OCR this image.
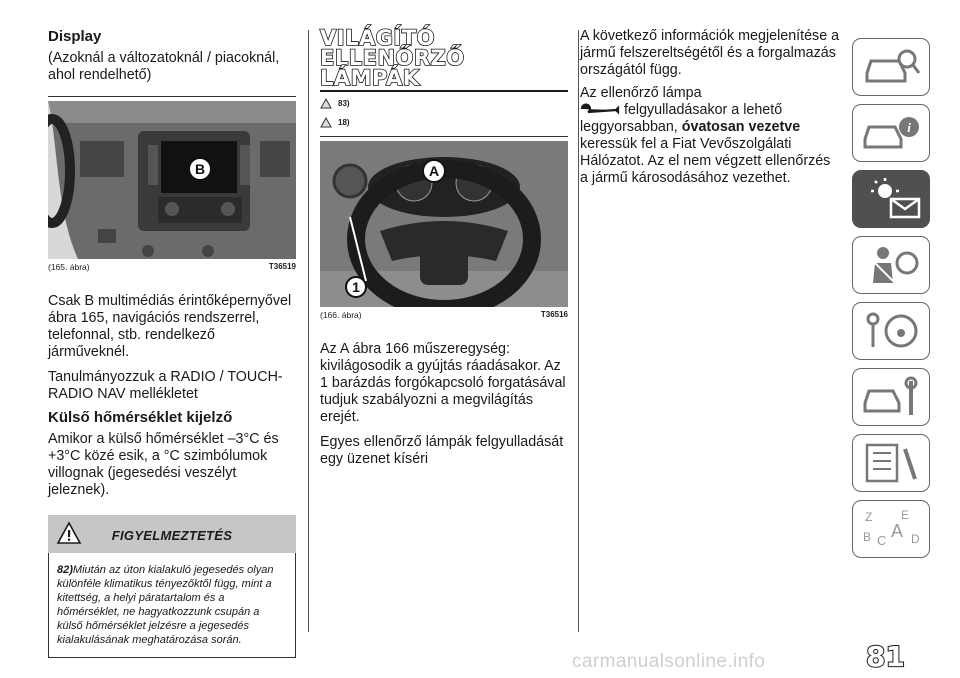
Display

(Azoknál a változatoknál / piacoknál, ahol rendelhető)

B
(165. ábra)	T36519

Csak B multimédiás érintőképernyővel ábra 165, navigációs rendszerrel, telefonnal, stb. rendelkező járműveknél.

Tanulmányozzuk a RADIO / TOUCH-RADIO NAV mellékletet

Külső hőmérséklet kijelző

Amikor a külső hőmérséklet –3°C és +3°C közé esik, a °C szimbólumok villognak (jegesedési veszélyt jeleznek).

FIGYELMEZTETÉS

82)Miután az úton kialakuló jegesedés olyan különféle klimatikus tényezőktől függ, mint a kitettség, a helyi páratartalom és a hőmérséklet, ne hagyatkozzunk csupán a külső hőmérséklet jelzésre a jegesedés kialakulásának meghatározása során.

VILÁGÍTÓ
ELLENŐRZŐ
LÁMPÁK
83)
18)
A
1
(166. ábra)	T36516

Az A ábra 166 műszeregység: kivilágosodik a gyújtás ráadásakor. Az 1 barázdás forgókapcsoló forgatásával tudjuk szabályozni a megvilágítás erejét.

Egyes ellenőrző lámpák felgyulladását egy üzenet kíséri

A következő információk megjelenítése a jármű felszereltségétől és a forgalmazás országától függ.

Az ellenőrző lámpa
felgyulladásakor a lehető leggyorsabban, óvatosan vezetve keressük fel a Fiat Vevőszolgálati Hálózatot. Az el nem végzett ellenőrzés a jármű károsodásához vezethet.

i
Z E
B C A D
81
carmanualsonline.info
